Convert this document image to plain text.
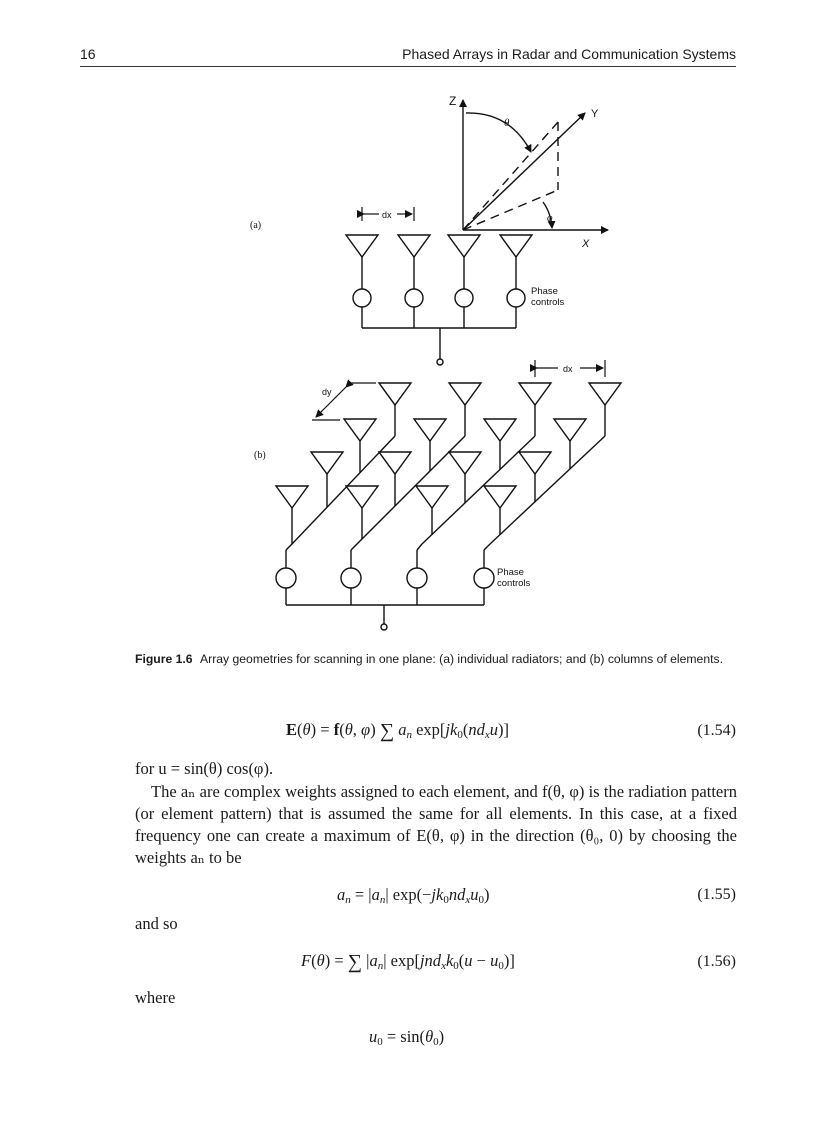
16	Phased Arrays in Radar and Communication Systems
(a)
Z
Y
X
θ
φ
dx
Phase
controls
(b)
dx
dy
Phase
controls
Figure 1.6 Array geometries for scanning in one plane: (a) individual radiators; and (b) columns of elements.
E(θ) = f(θ, φ) ∑ $a_n$ $\exp[jk_0(nd_xu)]$	(1.54)
for u = sin(θ) cos(φ).
The aₙ are complex weights assigned to each element, and f(θ, φ) is the radiation pattern (or element pattern) that is assumed the same for all elements. In this case, at a fixed frequency one can create a maximum of E(θ, φ) in the direction (θ₀, 0) by choosing the weights aₙ to be
$a_n = |a_n|$ $\exp(-jk_0nd_xu_0)$	(1.55)
and so
F(θ) = ∑ $|a_n|$ $\exp[jnd_xk_0(u - u_0)]$	(1.56)
where
$u_0 = \sin(\theta_0)$
